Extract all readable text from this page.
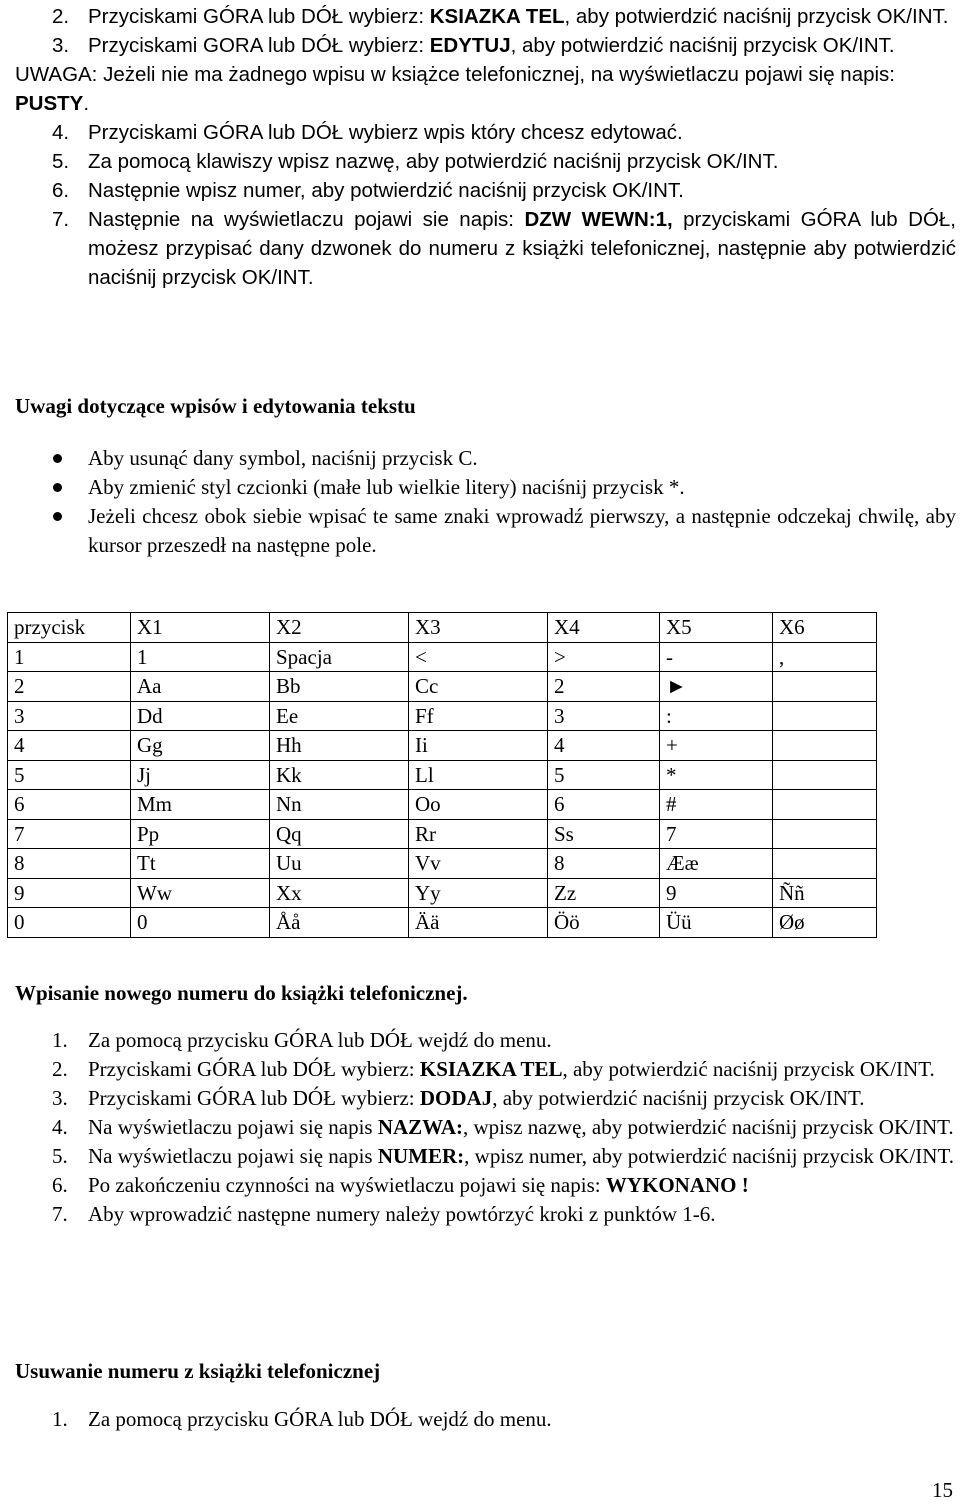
2. Przyciskami GÓRA lub DÓŁ wybierz: KSIAZKA TEL, aby potwierdzić naciśnij przycisk OK/INT.
3. Przyciskami GORA lub DÓŁ wybierz: EDYTUJ, aby potwierdzić naciśnij przycisk OK/INT.
UWAGA: Jeżeli nie ma żadnego wpisu w książce telefonicznej, na wyświetlaczu pojawi się napis: PUSTY.
4. Przyciskami GÓRA lub DÓŁ wybierz wpis który chcesz edytować.
5. Za pomocą klawiszy wpisz nazwę, aby potwierdzić naciśnij przycisk OK/INT.
6. Następnie wpisz numer, aby potwierdzić naciśnij przycisk OK/INT.
7. Następnie na wyświetlaczu pojawi sie napis: DZW WEWN:1, przyciskami GÓRA lub DÓŁ, możesz przypisać dany dzwonek do numeru z książki telefonicznej, następnie aby potwierdzić naciśnij przycisk OK/INT.
Uwagi dotyczące wpisów i edytowania tekstu
Aby usunąć dany symbol, naciśnij przycisk C.
Aby zmienić styl czcionki (małe lub wielkie litery) naciśnij przycisk *.
Jeżeli chcesz obok siebie wpisać te same znaki wprowadź pierwszy, a następnie odczekaj chwilę, aby kursor przeszedł na następne pole.
przycisk	X1	X2	X3	X4	X5	X6
1	1	Spacja	<	>	-	,
2	Aa	Bb	Cc	2	►	
3	Dd	Ee	Ff	3	:	
4	Gg	Hh	Ii	4	+	
5	Jj	Kk	Ll	5	*	
6	Mm	Nn	Oo	6	#	
7	Pp	Qq	Rr	Ss	7	
8	Tt	Uu	Vv	8	Ææ	
9	Ww	Xx	Yy	Zz	9	Ññ
0	0	Åå	Ää	Öö	Üü	Øø
Wpisanie nowego numeru do książki telefonicznej.
1. Za pomocą przycisku GÓRA lub DÓŁ wejdź do menu.
2. Przyciskami GÓRA lub DÓŁ wybierz: KSIAZKA TEL, aby potwierdzić naciśnij przycisk OK/INT.
3. Przyciskami GÓRA lub DÓŁ wybierz: DODAJ, aby potwierdzić naciśnij przycisk OK/INT.
4. Na wyświetlaczu pojawi się napis NAZWA:, wpisz nazwę, aby potwierdzić naciśnij przycisk OK/INT.
5. Na wyświetlaczu pojawi się napis NUMER:, wpisz numer, aby potwierdzić naciśnij przycisk OK/INT.
6. Po zakończeniu czynności na wyświetlaczu pojawi się napis: WYKONANO !
7. Aby wprowadzić następne numery należy powtórzyć kroki z punktów 1-6.
Usuwanie numeru z książki telefonicznej
1. Za pomocą przycisku GÓRA lub DÓŁ wejdź do menu.
15
